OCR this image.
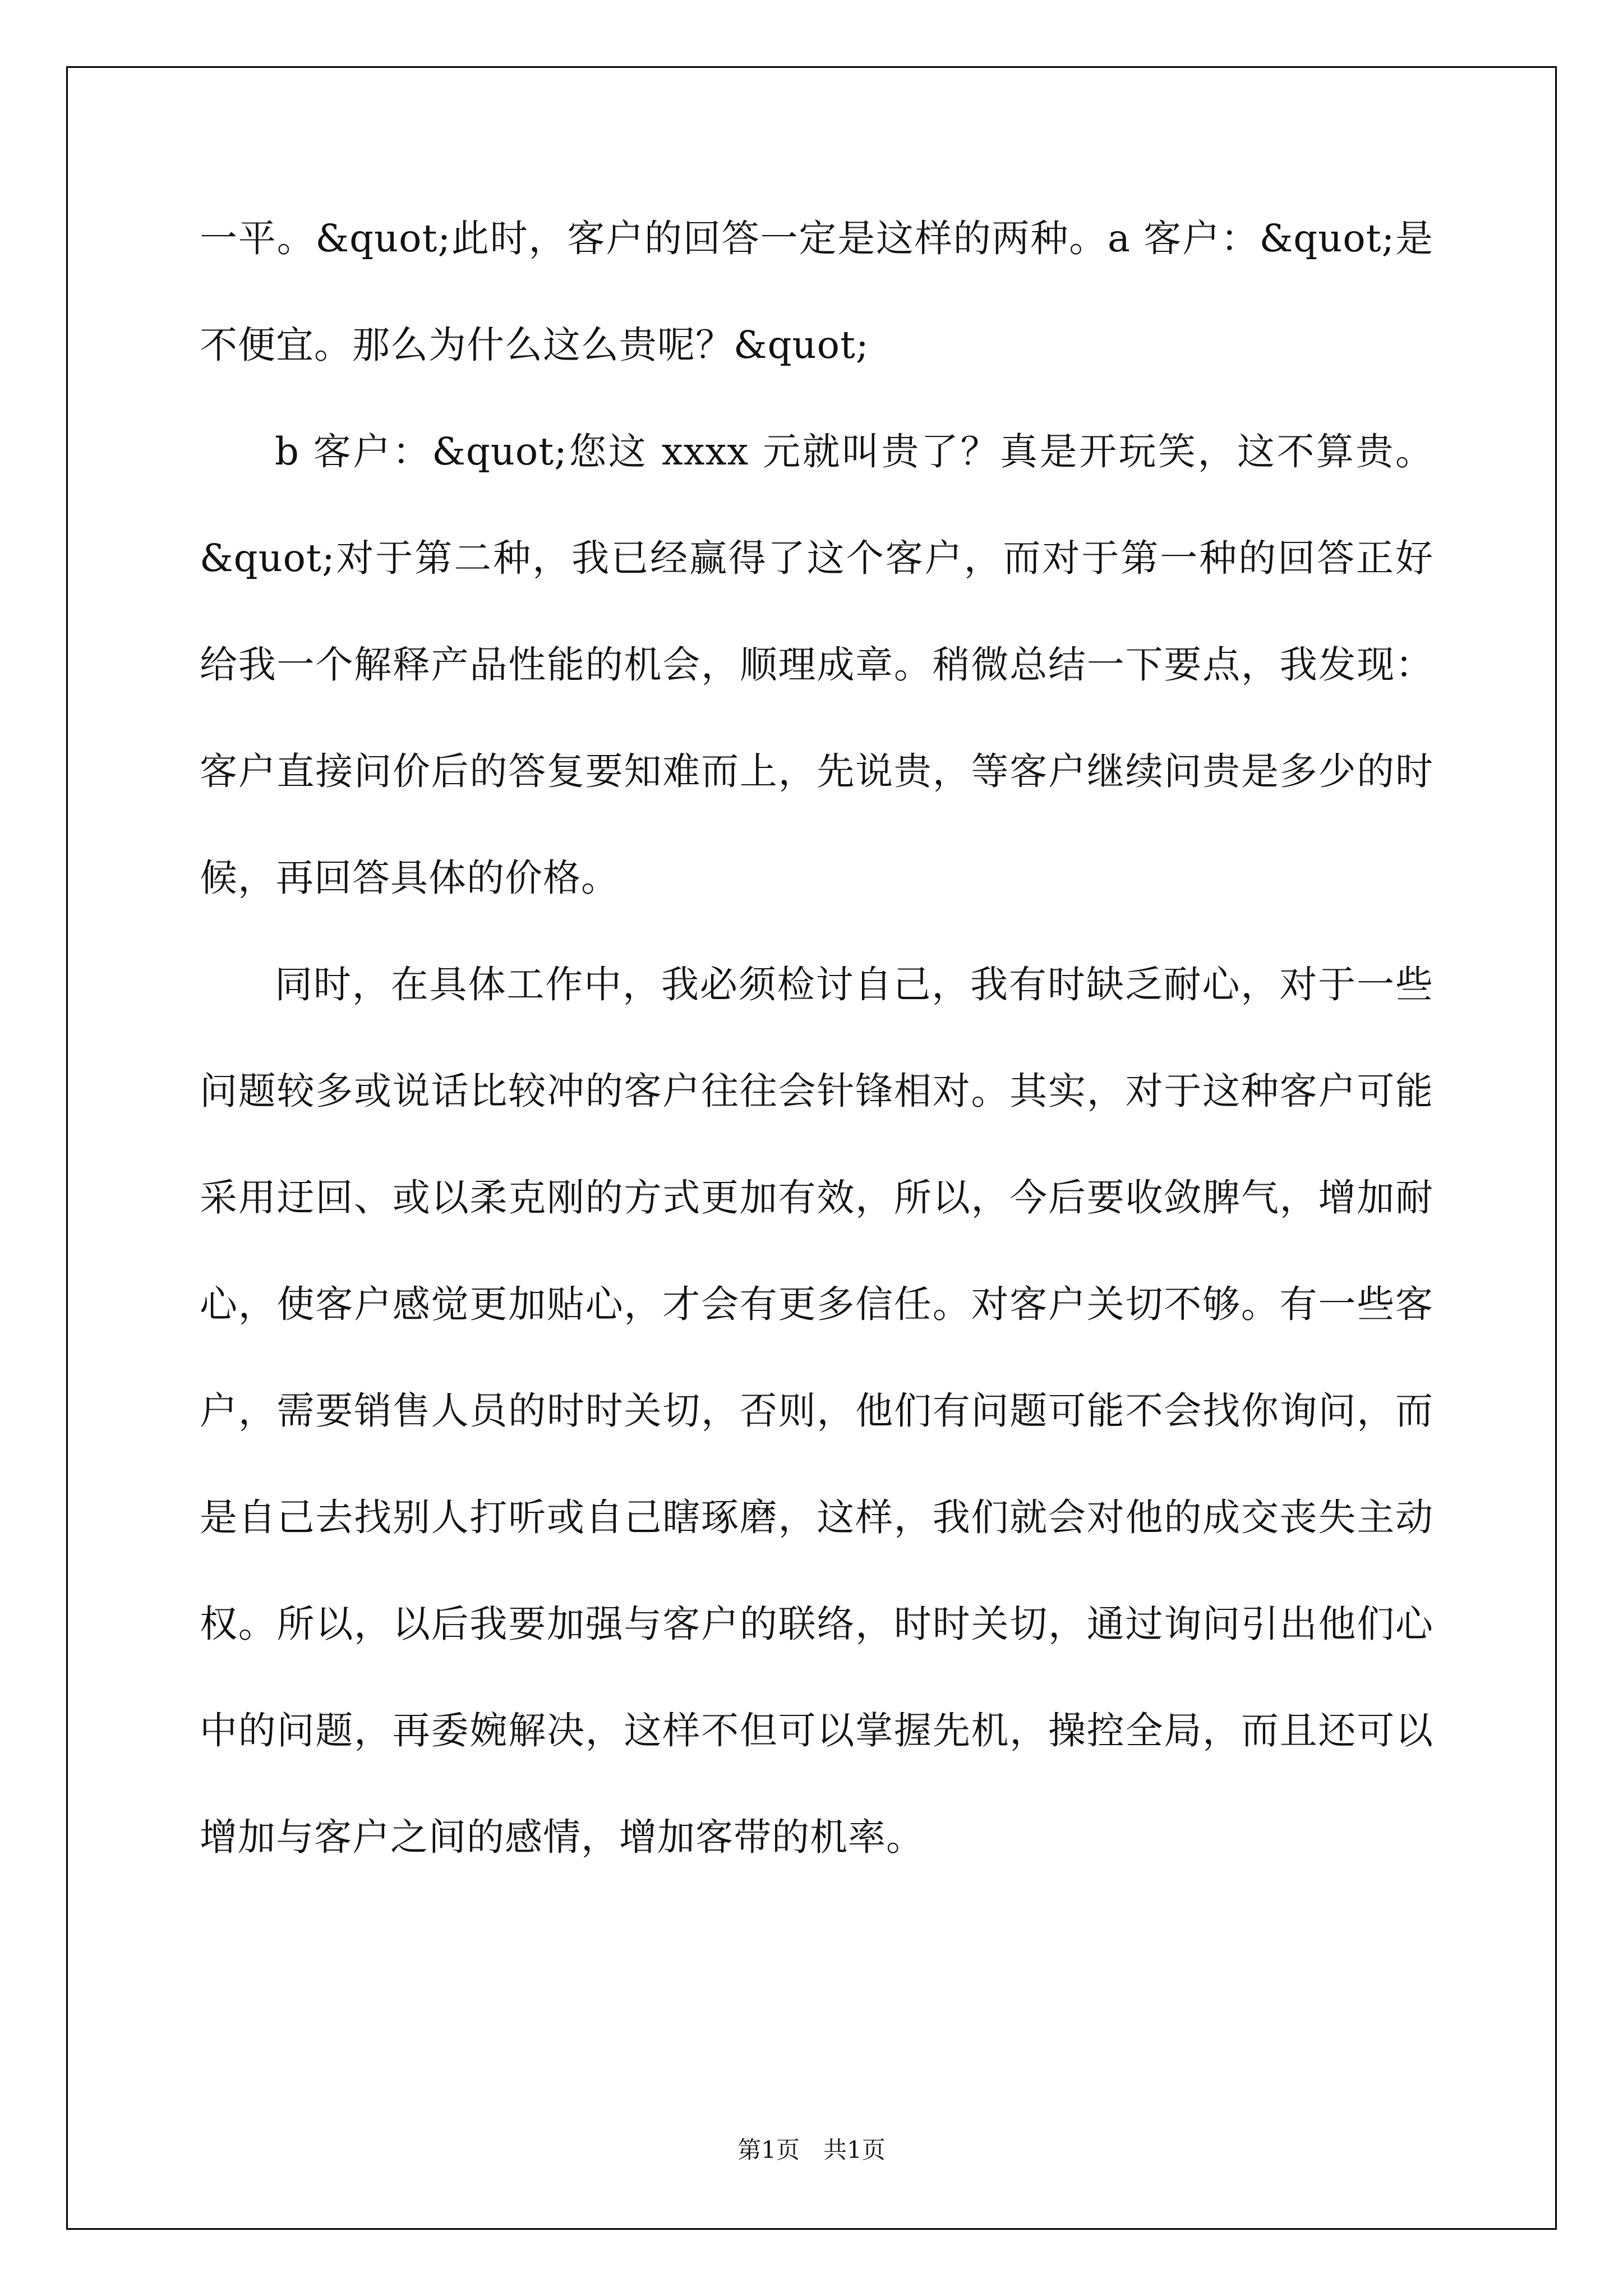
一平。&quot;此时，客户的回答一定是这样的两种。a 客户：&quot;是不便宜。那么为什么这么贵呢？&quot;

b 客户：&quot;您这 xxxx 元就叫贵了？真是开玩笑，这不算贵。&quot;对于第二种，我已经赢得了这个客户，而对于第一种的回答正好给我一个解释产品性能的机会，顺理成章。稍微总结一下要点，我发现：客户直接问价后的答复要知难而上，先说贵，等客户继续问贵是多少的时候，再回答具体的价格。

同时，在具体工作中，我必须检讨自己，我有时缺乏耐心，对于一些问题较多或说话比较冲的客户往往会针锋相对。其实，对于这种客户可能采用迂回、或以柔克刚的方式更加有效，所以，今后要收敛脾气，增加耐心，使客户感觉更加贴心，才会有更多信任。对客户关切不够。有一些客户，需要销售人员的时时关切，否则，他们有问题可能不会找你询问，而是自己去找别人打听或自己瞎琢磨，这样，我们就会对他的成交丧失主动权。所以，以后我要加强与客户的联络，时时关切，通过询问引出他们心中的问题，再委婉解决，这样不但可以掌握先机，操控全局，而且还可以增加与客户之间的感情，增加客带的机率。

第1页　共1页
